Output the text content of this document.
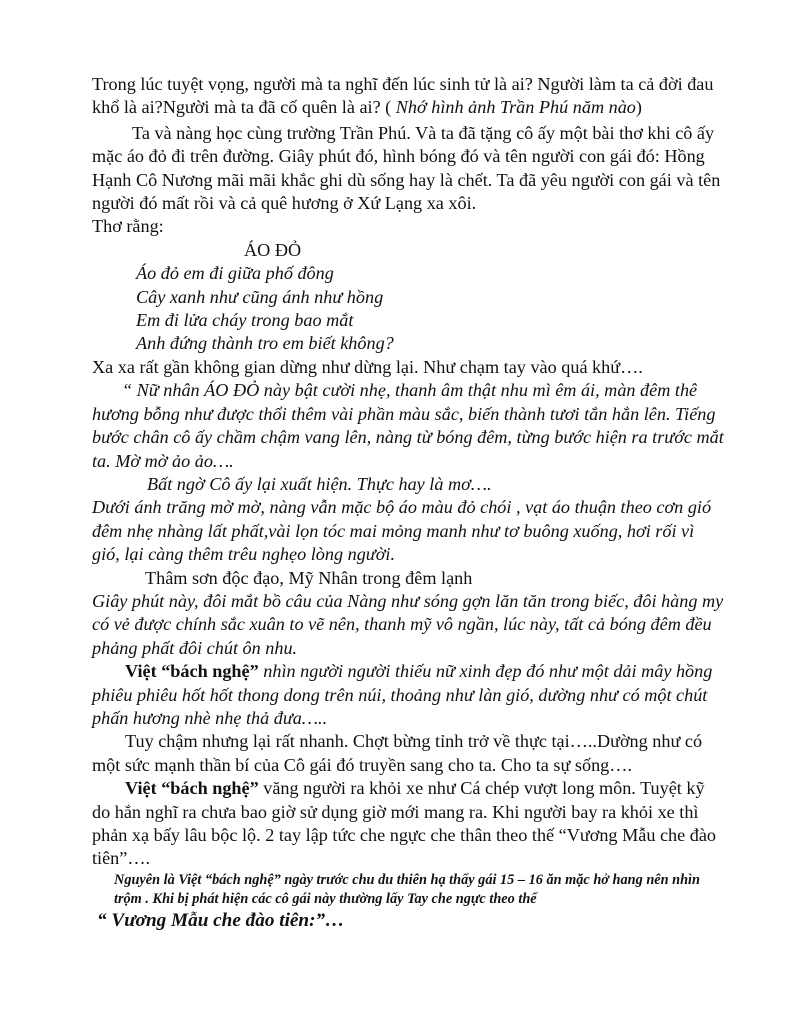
Trong lúc tuyệt vọng, người mà ta nghĩ đến lúc sinh tử là ai? Người làm ta cả đời đau khổ là ai?Người mà ta đã cố quên là ai? ( Nhớ hình ảnh Trần Phú năm nào)

Ta và nàng học cùng trường Trần Phú. Và ta đã tặng cô ấy một bài thơ khi cô ấy mặc áo đỏ đi trên đường. Giây phút đó, hình bóng đó và tên người con gái đó: Hồng Hạnh Cô Nương mãi mãi khắc ghi dù sống hay là chết. Ta đã yêu người con gái và tên người đó mất rồi và cả quê hương ở Xứ Lạng xa xôi.

Thơ rằng:

ÁO ĐỎ

Áo đỏ em đi giữa phố đông

Cây xanh như cũng ánh như hồng

Em đi lửa cháy trong bao mắt

Anh đứng thành tro em biết không?

Xa xa rất gần không gian dừng như dừng lại. Như chạm tay vào quá khứ….

“ Nữ nhân ÁO ĐỎ này bật cười nhẹ, thanh âm thật nhu mì êm ái, màn đêm thê hương bỗng như được thổi thêm vài phần màu sắc, biến thành tươi tắn hẳn lên. Tiếng bước chân cô ấy chầm chậm vang lên, nàng từ bóng đêm, từng bước hiện ra trước mắt ta. Mờ mờ ảo ảo….

Bất ngờ Cô ấy lại xuất hiện. Thực hay là mơ….

Dưới ánh trăng mờ mờ, nàng vẫn mặc bộ áo màu đỏ chói , vạt áo thuận theo cơn gió đêm nhẹ nhàng lất phất,vài lọn tóc mai mỏng manh như tơ buông xuống, hơi rối vì gió, lại càng thêm trêu nghẹo lòng người.

Thâm sơn độc đạo, Mỹ Nhân trong đêm lạnh

Giây phút này, đôi mắt bồ câu của Nàng như sóng gợn lăn tăn trong biếc, đôi hàng my có vẻ được chính sắc xuân to vẽ nên, thanh mỹ vô ngần, lúc này, tất cả bóng đêm đều phảng phất đôi chút ôn nhu.

Việt “bách nghệ” nhìn người người thiếu nữ xinh đẹp đó như một dải mây hồng phiêu phiêu hốt hốt thong dong trên núi, thoảng như làn gió, dường như có một chút phấn hương nhè nhẹ thả đưa…..

Tuy chậm nhưng lại rất nhanh. Chợt bừng tỉnh trở về thực tại…..Dường như có một sức mạnh thần bí của Cô gái đó truyền sang cho ta. Cho ta sự sống….

Việt “bách nghệ” văng người ra khỏi xe như Cá chép vượt long môn. Tuyệt kỹ do hắn nghĩ ra chưa bao giờ sử dụng giờ mới mang ra. Khi người bay ra khỏi xe thì phản xạ bấy lâu bộc lộ. 2 tay lập tức che ngực che thân theo thế “Vương Mẫu che đào tiên”….

Nguyên là Việt “bách nghệ” ngày trước chu du thiên hạ thấy gái 15 – 16 ăn mặc hở hang nên nhìn trộm . Khi bị phát hiện các cô gái này thường lấy Tay che ngực theo thế

“ Vương Mẫu che đào tiên:”…
